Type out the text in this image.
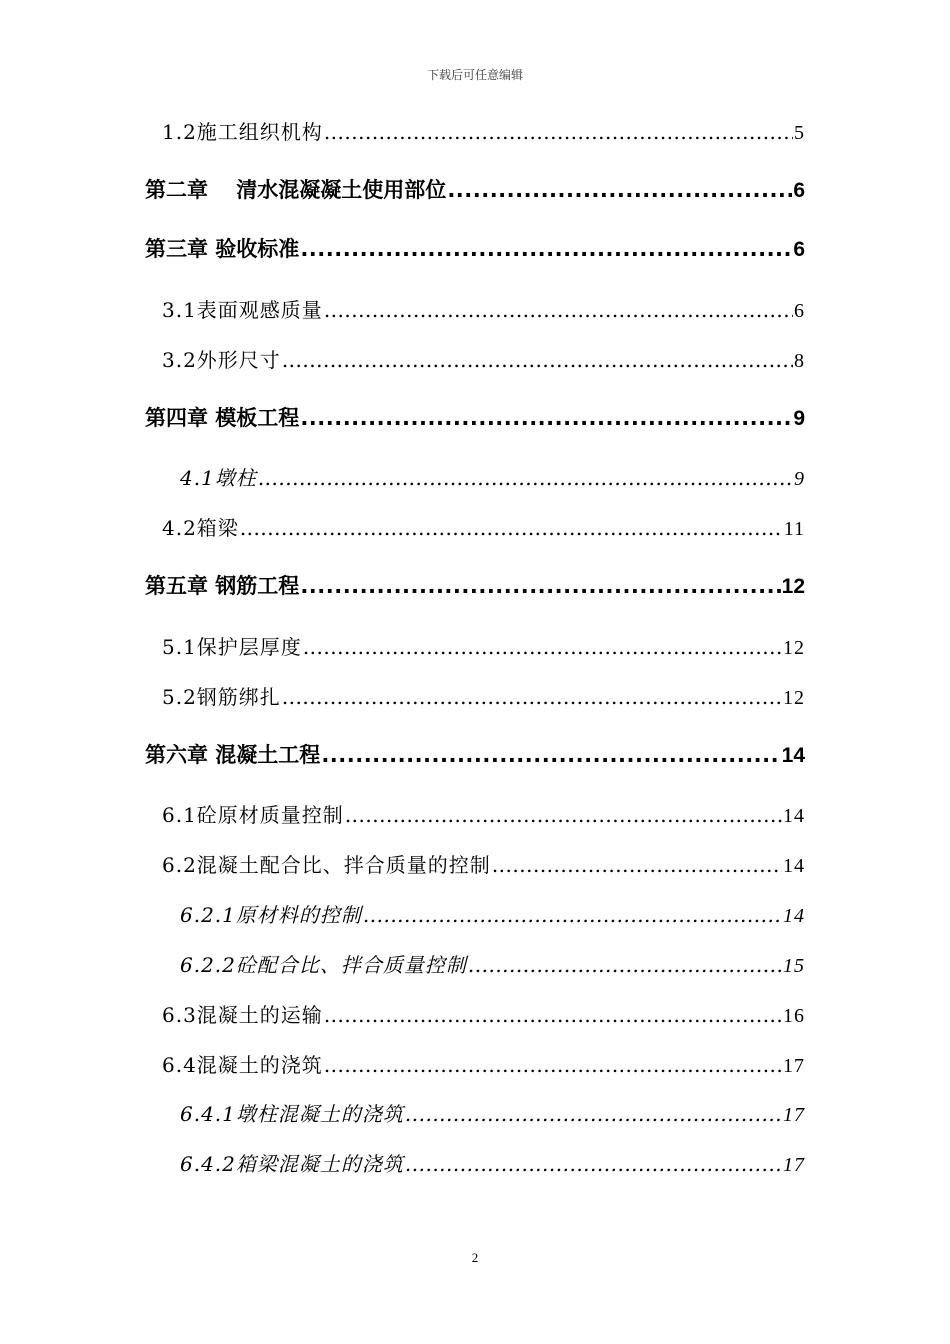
下载后可任意编辑
1.2施工组织机构 .....	5
第二章　 清水混凝凝土使用部位 .....	6
第三章 验收标准 .....	6
3.1表面观感质量 .....	6
3.2外形尺寸 .....	8
第四章 模板工程 .....	9
4.1墩柱 .....	9
4.2箱梁 .....	11
第五章 钢筋工程 .....	12
5.1保护层厚度 .....	12
5.2钢筋绑扎 .....	12
第六章 混凝土工程 .....	14
6.1砼原材质量控制 .....	14
6.2混凝土配合比、拌合质量的控制 .....	14
6.2.1原材料的控制 .....	14
6.2.2砼配合比、拌合质量控制 .....	15
6.3混凝土的运输 .....	16
6.4混凝土的浇筑 .....	17
6.4.1墩柱混凝土的浇筑 .....	17
6.4.2箱梁混凝土的浇筑 .....	17
2
